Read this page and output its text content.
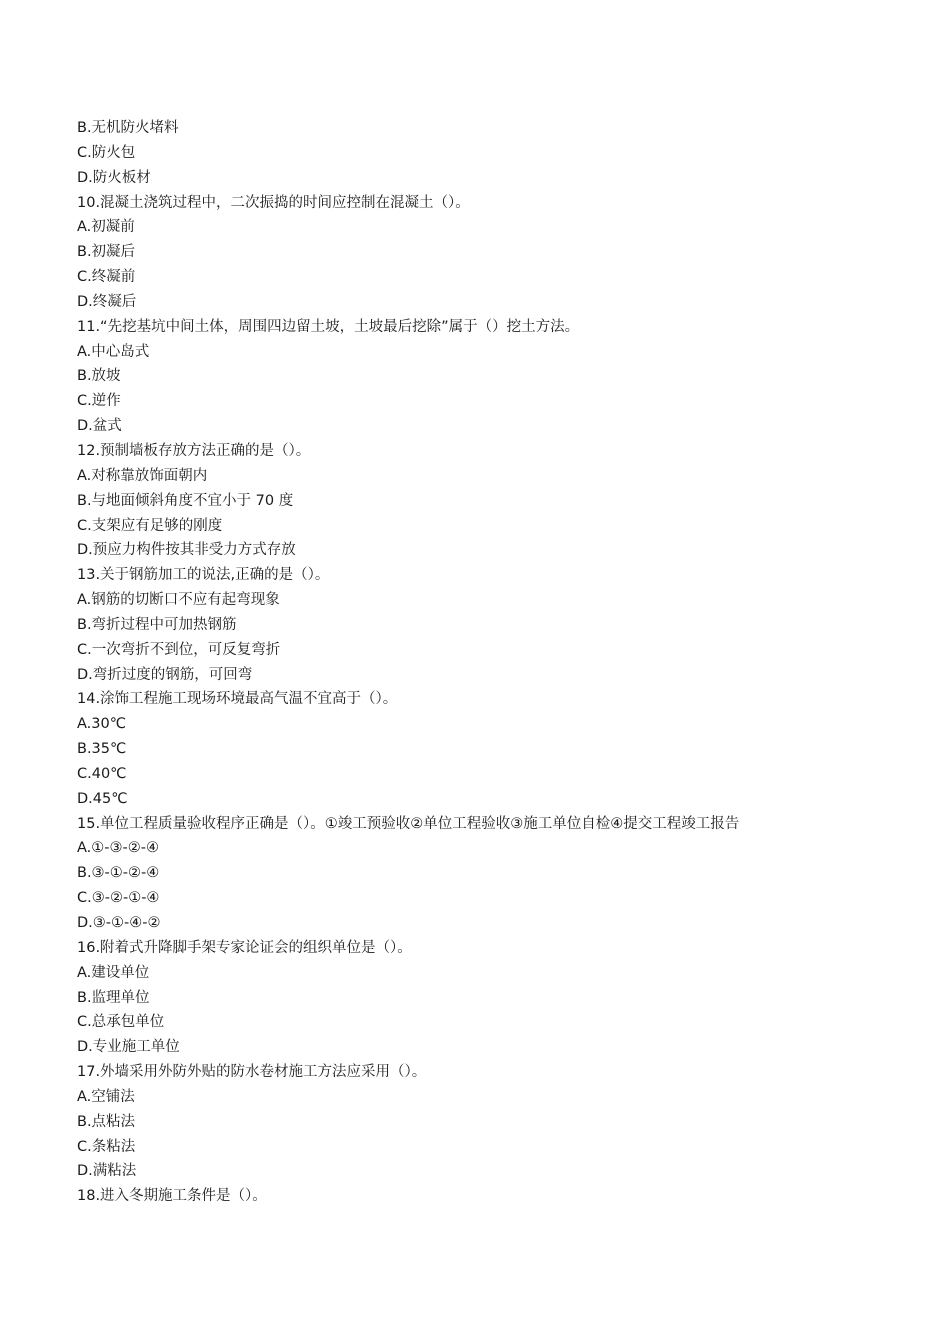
B.无机防火堵料
C.防火包
D.防火板材
10.混凝土浇筑过程中，二次振捣的时间应控制在混凝土（）。
A.初凝前
B.初凝后
C.终凝前
D.终凝后
11.“先挖基坑中间土体，周围四边留土坡，土坡最后挖除”属于（）挖土方法。
A.中心岛式
B.放坡
C.逆作
D.盆式
12.预制墙板存放方法正确的是（）。
A.对称靠放饰面朝内
B.与地面倾斜角度不宜小于 70 度
C.支架应有足够的刚度
D.预应力构件按其非受力方式存放
13.关于钢筋加工的说法,正确的是（）。
A.钢筋的切断口不应有起弯现象
B.弯折过程中可加热钢筋
C.一次弯折不到位，可反复弯折
D.弯折过度的钢筋，可回弯
14.涂饰工程施工现场环境最高气温不宜高于（）。
A.30℃
B.35℃
C.40℃
D.45℃
15.单位工程质量验收程序正确是（）。①竣工预验收②单位工程验收③施工单位自检④提交工程竣工报告
A.①-③-②-④
B.③-①-②-④
C.③-②-①-④
D.③-①-④-②
16.附着式升降脚手架专家论证会的组织单位是（）。
A.建设单位
B.监理单位
C.总承包单位
D.专业施工单位
17.外墙采用外防外贴的防水卷材施工方法应采用（）。
A.空铺法
B.点粘法
C.条粘法
D.满粘法
18.进入冬期施工条件是（）。
